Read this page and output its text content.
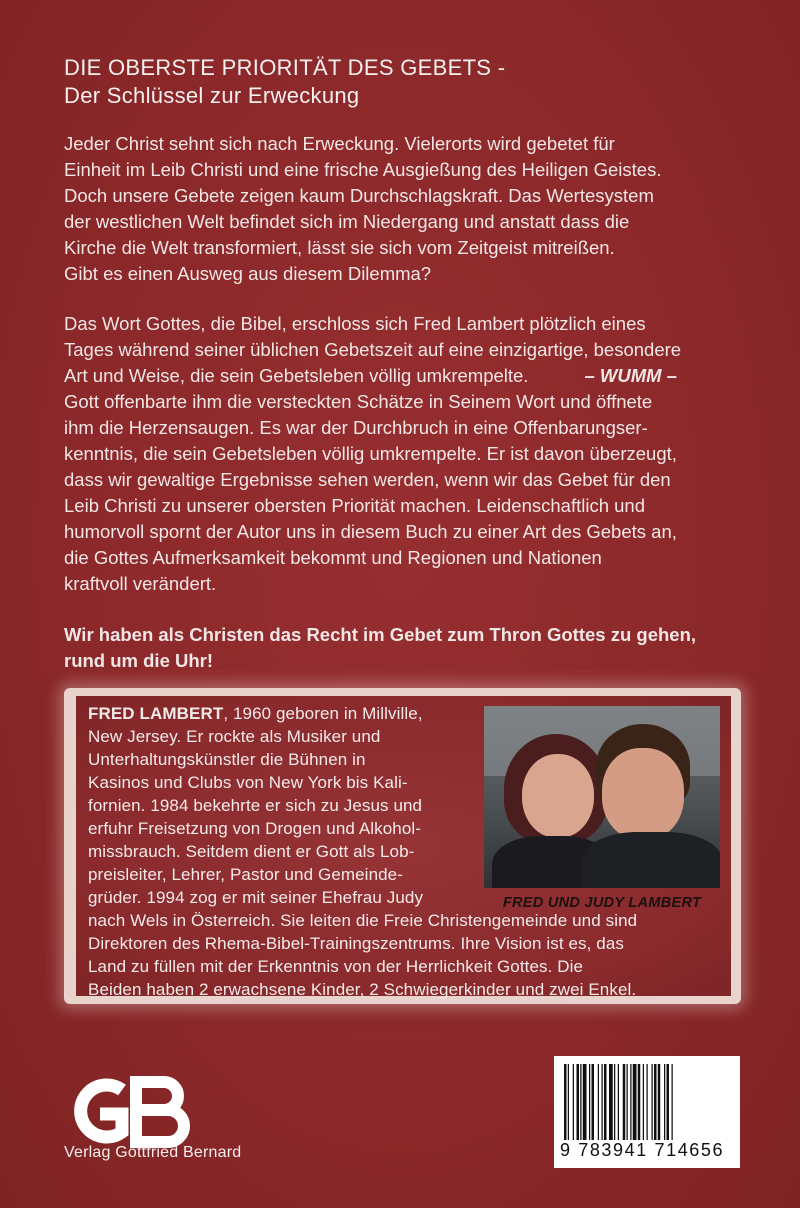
DIE OBERSTE PRIORITÄT DES GEBETS -
Der Schlüssel zur Erweckung
Jeder Christ sehnt sich nach Erweckung. Vielerorts wird gebetet für
Einheit im Leib Christi und eine frische Ausgießung des Heiligen Geistes.
Doch unsere Gebete zeigen kaum Durchschlagskraft. Das Wertesystem
der westlichen Welt befindet sich im Niedergang und anstatt dass die
Kirche die Welt transformiert, lässt sie sich vom Zeitgeist mitreißen.
Gibt es einen Ausweg aus diesem Dilemma?
Das Wort Gottes, die Bibel, erschloss sich Fred Lambert plötzlich eines
Tages während seiner üblichen Gebetszeit auf eine einzigartige, besondere
Art und Weise, die sein Gebetsleben völlig umkrempelte.	– WUMM –
Gott offenbarte ihm die versteckten Schätze in Seinem Wort und öffnete
ihm die Herzensaugen. Es war der Durchbruch in eine Offenbarungser-
kenntnis, die sein Gebetsleben völlig umkrempelte. Er ist davon überzeugt,
dass wir gewaltige Ergebnisse sehen werden, wenn wir das Gebet für den
Leib Christi zu unserer obersten Priorität machen. Leidenschaftlich und
humorvoll spornt der Autor uns in diesem Buch zu einer Art des Gebets an,
die Gottes Aufmerksamkeit bekommt und Regionen und Nationen
kraftvoll verändert.
Wir haben als Christen das Recht im Gebet zum Thron Gottes zu gehen,
rund um die Uhr!
FRED UND JUDY LAMBERT
FRED LAMBERT, 1960 geboren in Millville,
New Jersey. Er rockte als Musiker und
Unterhaltungskünstler die Bühnen in
Kasinos und Clubs von New York bis Kali-
fornien. 1984 bekehrte er sich zu Jesus und
erfuhr Freisetzung von Drogen und Alkohol-
missbrauch. Seitdem dient er Gott als Lob-
preisleiter, Lehrer, Pastor und Gemeinde-
grüder. 1994 zog er mit seiner Ehefrau Judy
nach Wels in Österreich. Sie leiten die Freie Christengemeinde und sind
Direktoren des Rhema-Bibel-Trainingszentrums. Ihre Vision ist es, das
Land zu füllen mit der Erkenntnis von der Herrlichkeit Gottes. Die
Beiden haben 2 erwachsene Kinder, 2 Schwiegerkinder und zwei Enkel.
Verlag Gottfried Bernard	9 783941 714656
